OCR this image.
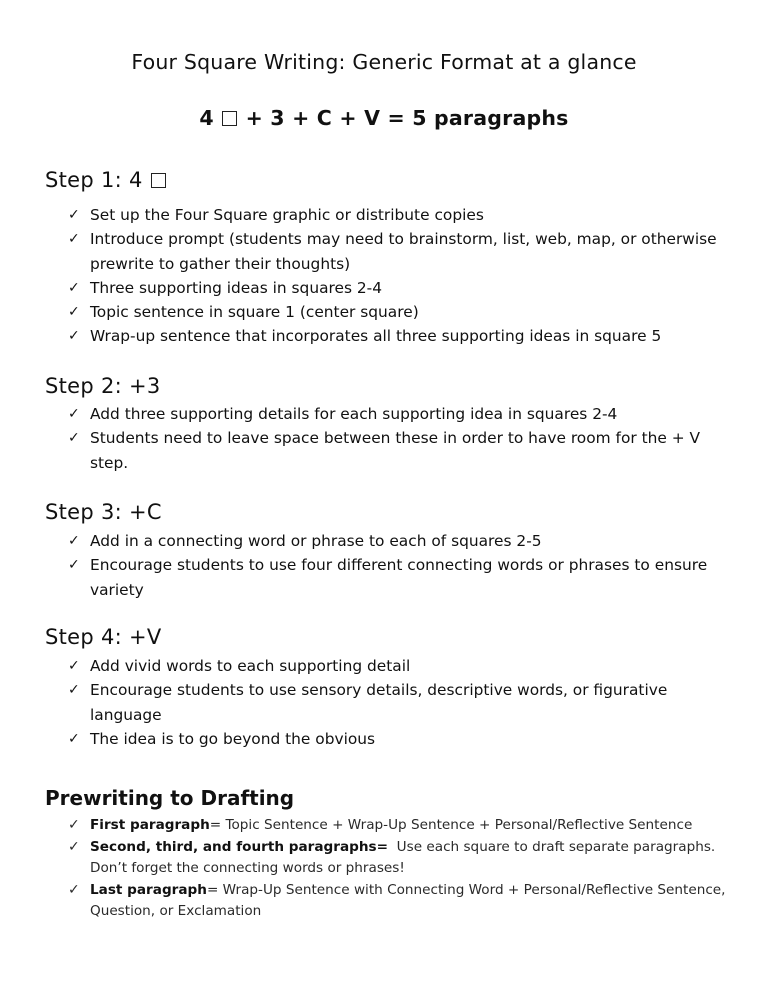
Four Square Writing: Generic Format at a glance
4 + 3 + C + V = 5 paragraphs
Step 1: 4
✓ Set up the Four Square graphic or distribute copies
✓ Introduce prompt (students may need to brainstorm, list, web, map, or otherwise prewrite to gather their thoughts)
✓ Three supporting ideas in squares 2-4
✓ Topic sentence in square 1 (center square)
✓ Wrap-up sentence that incorporates all three supporting ideas in square 5
Step 2: +3
✓ Add three supporting details for each supporting idea in squares 2-4
✓ Students need to leave space between these in order to have room for the + V step.
Step 3: +C
✓ Add in a connecting word or phrase to each of squares 2-5
✓ Encourage students to use four different connecting words or phrases to ensure variety
Step 4: +V
✓ Add vivid words to each supporting detail
✓ Encourage students to use sensory details, descriptive words, or figurative language
✓ The idea is to go beyond the obvious
Prewriting to Drafting
✓ First paragraph= Topic Sentence + Wrap-Up Sentence + Personal/Reflective Sentence
✓ Second, third, and fourth paragraphs=  Use each square to draft separate paragraphs. Don’t forget the connecting words or phrases!
✓ Last paragraph= Wrap-Up Sentence with Connecting Word + Personal/Reflective Sentence, Question, or Exclamation
